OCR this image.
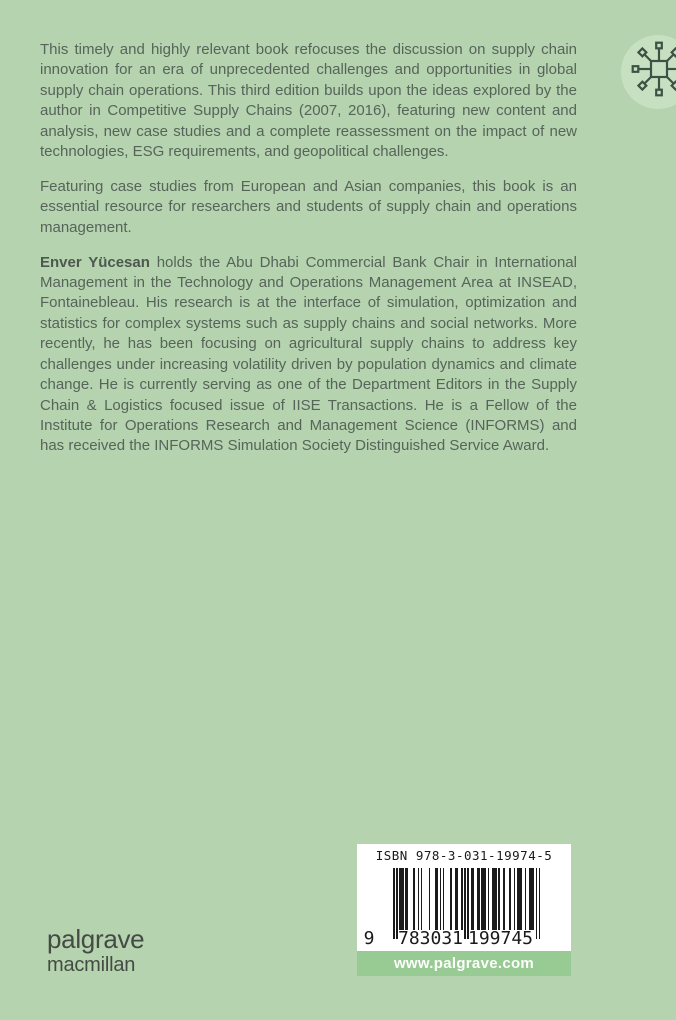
This timely and highly relevant book refocuses the discussion on supply chain innovation for an era of unprecedented challenges and opportunities in global supply chain operations. This third edition builds upon the ideas explored by the author in Competitive Supply Chains (2007, 2016), featuring new content and analysis, new case studies and a complete reassessment on the impact of new technologies, ESG requirements, and geopolitical challenges.

Featuring case studies from European and Asian companies, this book is an essential resource for researchers and students of supply chain and operations management.

Enver Yücesan holds the Abu Dhabi Commercial Bank Chair in International Management in the Technology and Operations Management Area at INSEAD, Fontainebleau. His research is at the interface of simulation, optimization and statistics for complex systems such as supply chains and social networks. More recently, he has been focusing on agricultural supply chains to address key challenges under increasing volatility driven by population dynamics and climate change. He is currently serving as one of the Department Editors in the Supply Chain & Logistics focused issue of IISE Transactions. He is a Fellow of the Institute for Operations Research and Management Science (INFORMS) and has received the INFORMS Simulation Society Distinguished Service Award.

palgrave
macmillan
ISBN 978-3-031-19974-5
9 783031 199745
www.palgrave.com
